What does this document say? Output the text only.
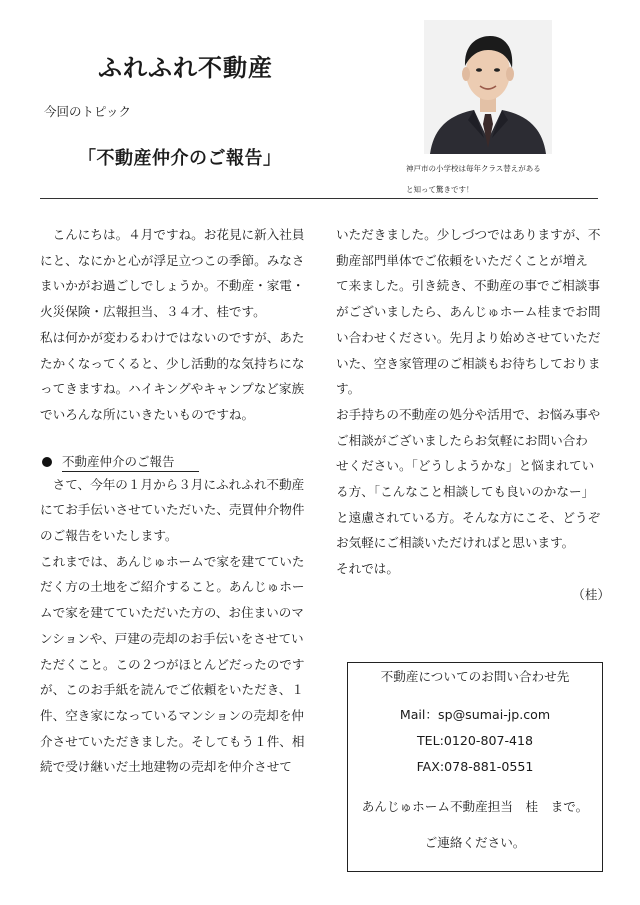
ふれふれ不動産
今回のトピック
「不動産仲介のご報告」	神戸市の小学校は毎年クラス替えがある
と知って驚きです！

こんにちは。４月ですね。お花見に新入社員
にと、なにかと心が浮足立つこの季節。みなさ
まいかがお過ごしでしょうか。不動産・家電・
火災保険・広報担当、３４才、桂です。

私は何かが変わるわけではないのですが、あた
たかくなってくると、少し活動的な気持ちにな
ってきますね。ハイキングやキャンプなど家族
でいろんな所にいきたいものですね。

不動産仲介のご報告

さて、今年の１月から３月にふれふれ不動産
にてお手伝いさせていただいた、売買仲介物件
のご報告をいたします。

これまでは、あんじゅホームで家を建てていた
だく方の土地をご紹介すること。あんじゅホー
ムで家を建てていただいた方の、お住まいのマ
ンションや、戸建の売却のお手伝いをさせてい
ただくこと。この２つがほとんどだったのです
が、このお手紙を読んでご依頼をいただき、１
件、空き家になっているマンションの売却を仲
介させていただきました。そしてもう１件、相
続で受け継いだ土地建物の売却を仲介させて

いただきました。少しづつではありますが、不
動産部門単体でご依頼をいただくことが増え
て来ました。引き続き、不動産の事でご相談事
がございましたら、あんじゅホーム桂までお問
い合わせください。先月より始めさせていただ
いた、空き家管理のご相談もお待ちしておりま
す。

お手持ちの不動産の処分や活用で、お悩み事や
ご相談がございましたらお気軽にお問い合わ
せください。「どうしようかな」と悩まれてい
る方、「こんなこと相談しても良いのかなー」
と遠慮されている方。そんな方にこそ、どうぞ
お気軽にご相談いただければと思います。

それでは。

（桂）

不動産についてのお問い合わせ先
Mail：sp@sumai-jp.com
TEL:0120-807-418
FAX:078-881-0551
あんじゅホーム不動産担当　桂　まで。
ご連絡ください。
